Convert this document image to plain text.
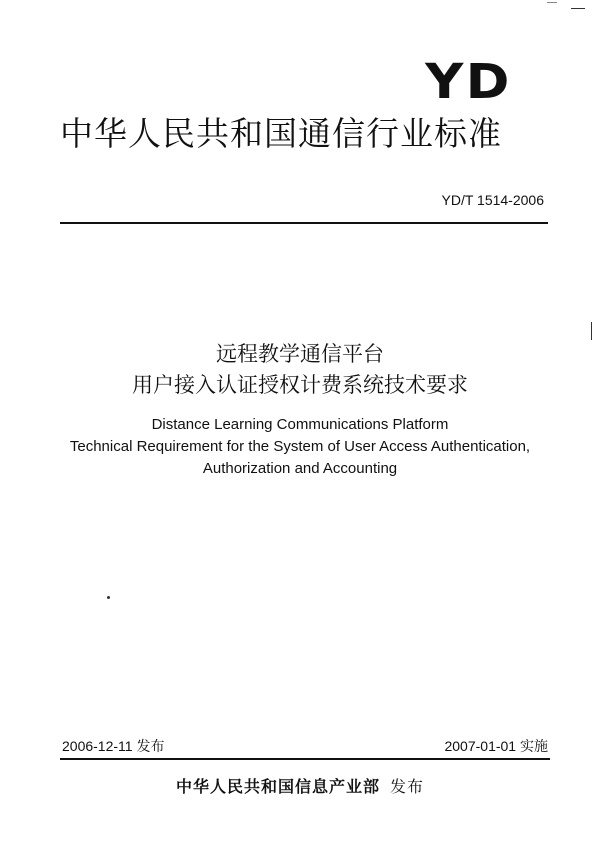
YD
中华人民共和国通信行业标准
YD/T 1514-2006
远程教学通信平台
用户接入认证授权计费系统技术要求
Distance Learning Communications Platform
Technical Requirement for the System of User Access Authentication,
Authorization and Accounting
2006-12-11 发布	2007-01-01 实施
中华人民共和国信息产业部 发布
